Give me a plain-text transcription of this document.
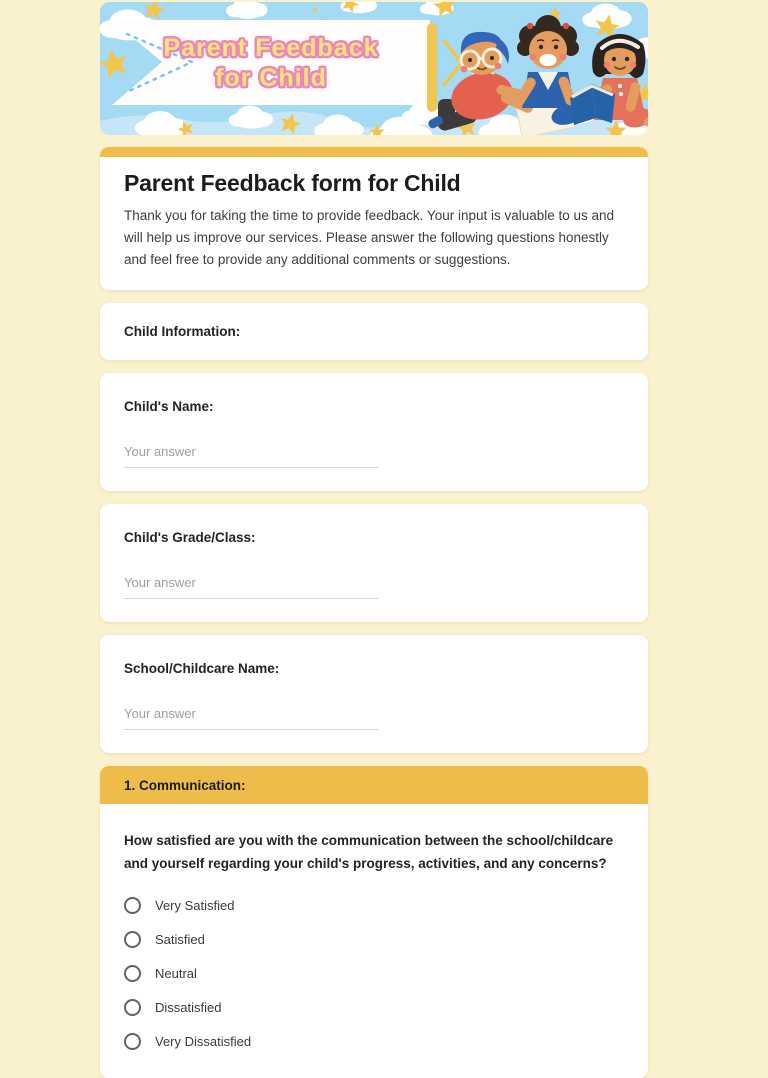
Parent Feedback
for Child
Parent Feedback form for Child
Thank you for taking the time to provide feedback. Your input is valuable to us and will help us improve our services. Please answer the following questions honestly and feel free to provide any additional comments or suggestions.
Child Information:
Child's Name:
Your answer
Child's Grade/Class:
Your answer
School/Childcare Name:
Your answer
1. Communication:
How satisfied are you with the communication between the school/childcare and yourself regarding your child's progress, activities, and any concerns?
Very Satisfied
Satisfied
Neutral
Dissatisfied
Very Dissatisfied
